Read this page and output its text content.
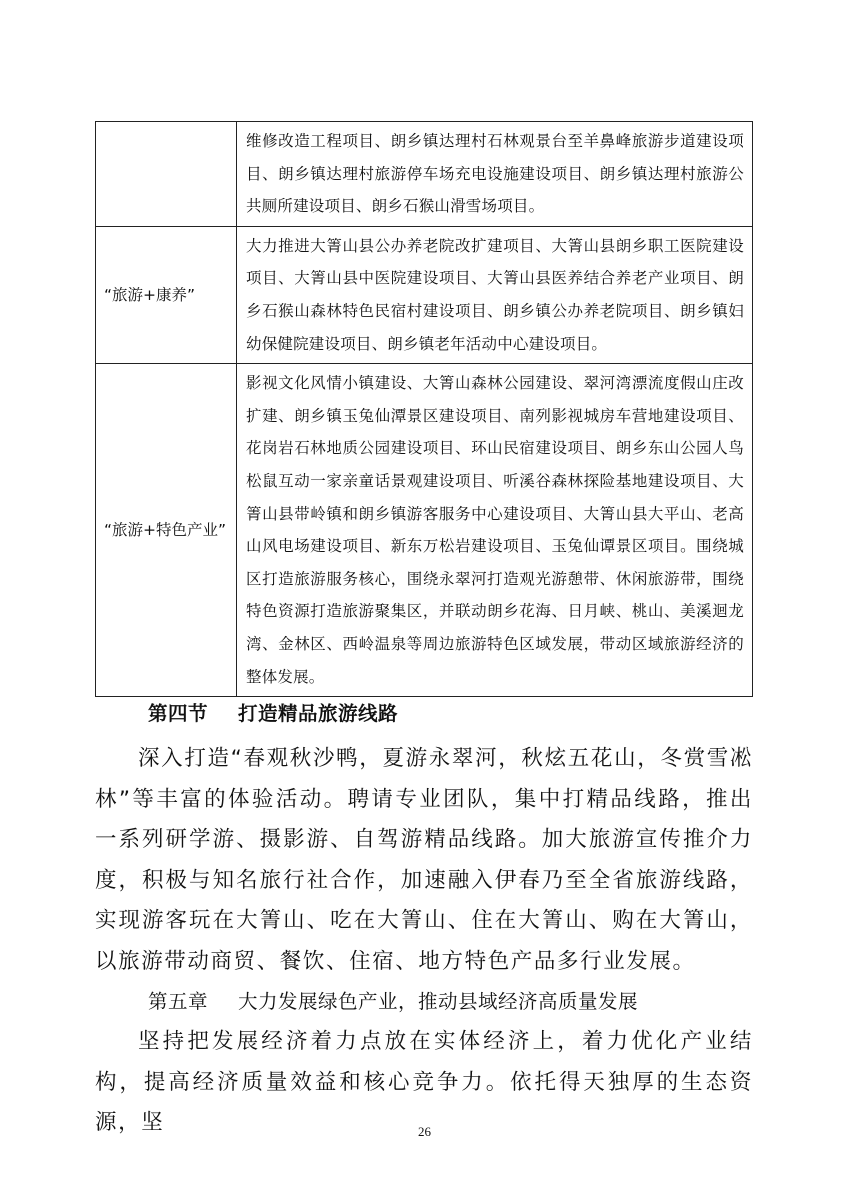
	维修改造工程项目、朗乡镇达理村石林观景台至羊鼻峰旅游步道建设项目、朗乡镇达理村旅游停车场充电设施建设项目、朗乡镇达理村旅游公共厕所建设项目、朗乡石猴山滑雪场项目。
“旅游+康养”	大力推进大箐山县公办养老院改扩建项目、大箐山县朗乡职工医院建设项目、大箐山县中医院建设项目、大箐山县医养结合养老产业项目、朗乡石猴山森林特色民宿村建设项目、朗乡镇公办养老院项目、朗乡镇妇幼保健院建设项目、朗乡镇老年活动中心建设项目。
“旅游+特色产业”	影视文化风情小镇建设、大箐山森林公园建设、翠河湾漂流度假山庄改扩建、朗乡镇玉兔仙潭景区建设项目、南列影视城房车营地建设项目、花岗岩石林地质公园建设项目、环山民宿建设项目、朗乡东山公园人鸟松鼠互动一家亲童话景观建设项目、听溪谷森林探险基地建设项目、大箐山县带岭镇和朗乡镇游客服务中心建设项目、大箐山县大平山、老高山风电场建设项目、新东万松岩建设项目、玉兔仙谭景区项目。围绕城区打造旅游服务核心，围绕永翠河打造观光游憩带、休闲旅游带，围绕特色资源打造旅游聚集区，并联动朗乡花海、日月峡、桃山、美溪迴龙湾、金林区、西岭温泉等周边旅游特色区域发展，带动区域旅游经济的整体发展。
第四节 打造精品旅游线路
深入打造“春观秋沙鸭，夏游永翠河，秋炫五花山，冬赏雪凇林”等丰富的体验活动。聘请专业团队，集中打精品线路，推出一系列研学游、摄影游、自驾游精品线路。加大旅游宣传推介力度，积极与知名旅行社合作，加速融入伊春乃至全省旅游线路，实现游客玩在大箐山、吃在大箐山、住在大箐山、购在大箐山，以旅游带动商贸、餐饮、住宿、地方特色产品多行业发展。
第五章 大力发展绿色产业，推动县域经济高质量发展
坚持把发展经济着力点放在实体经济上，着力优化产业结构，提高经济质量效益和核心竞争力。依托得天独厚的生态资源，坚	26
